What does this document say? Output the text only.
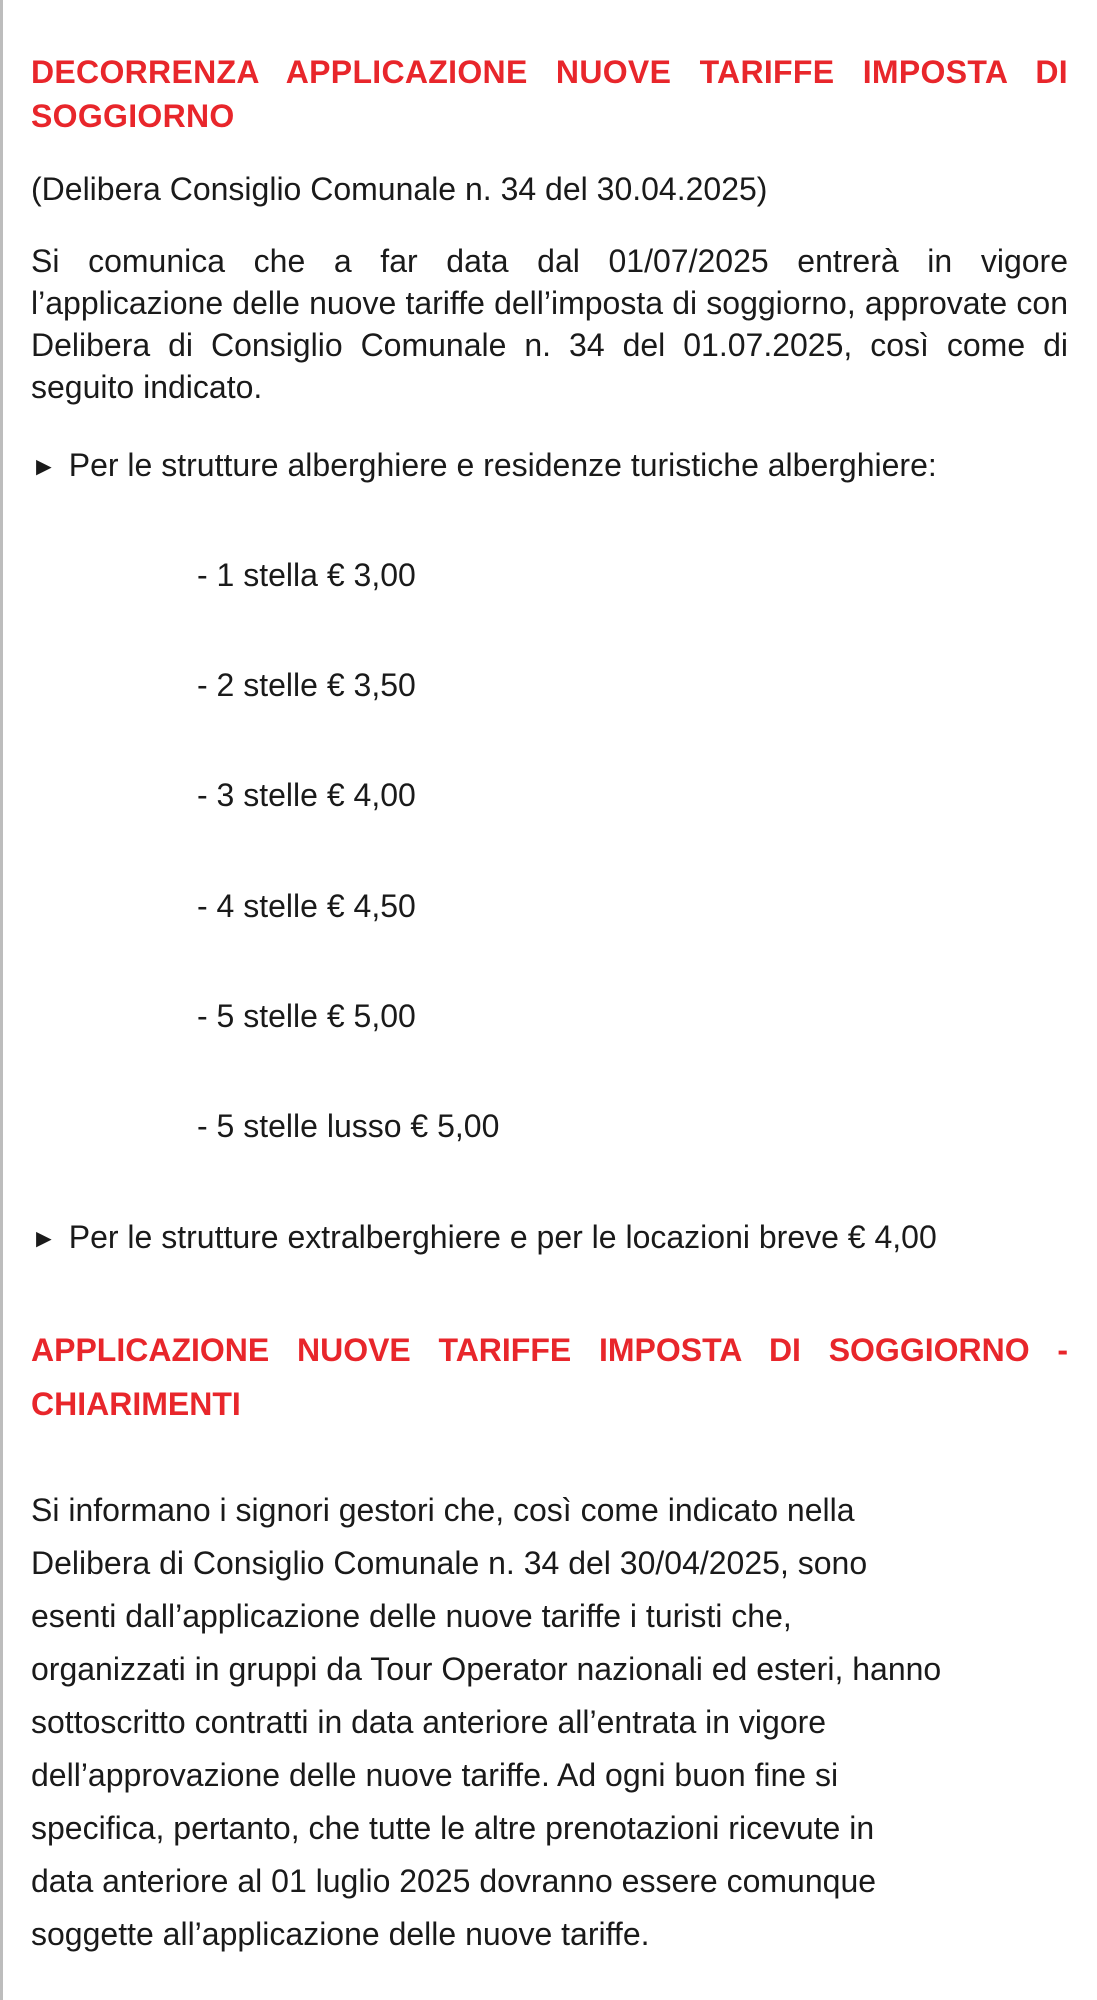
DECORRENZA APPLICAZIONE NUOVE TARIFFE IMPOSTA DI SOGGIORNO

(Delibera Consiglio Comunale n. 34 del 30.04.2025)

Si comunica che a far data dal 01/07/2025 entrerà in vigore l’applicazione delle nuove tariffe dell’imposta di soggiorno, approvate con Delibera di Consiglio Comunale n. 34 del 01.07.2025, così come di seguito indicato.

► Per le strutture alberghiere e residenze turistiche alberghiere:
- 1 stella € 3,00
- 2 stelle € 3,50
- 3 stelle € 4,00
- 4 stelle € 4,50
- 5 stelle € 5,00
- 5 stelle lusso € 5,00
► Per le strutture extralberghiere e per le locazioni breve € 4,00
APPLICAZIONE NUOVE TARIFFE IMPOSTA DI SOGGIORNO - CHIARIMENTI
Si informano i signori gestori che, così come indicato nella
Delibera di Consiglio Comunale n. 34 del 30/04/2025, sono
esenti dall’applicazione delle nuove tariffe i turisti che,
organizzati in gruppi da Tour Operator nazionali ed esteri, hanno
sottoscritto contratti in data anteriore all’entrata in vigore
dell’approvazione delle nuove tariffe. Ad ogni buon fine si
specifica, pertanto, che tutte le altre prenotazioni ricevute in
data anteriore al 01 luglio 2025 dovranno essere comunque
soggette all’applicazione delle nuove tariffe.
